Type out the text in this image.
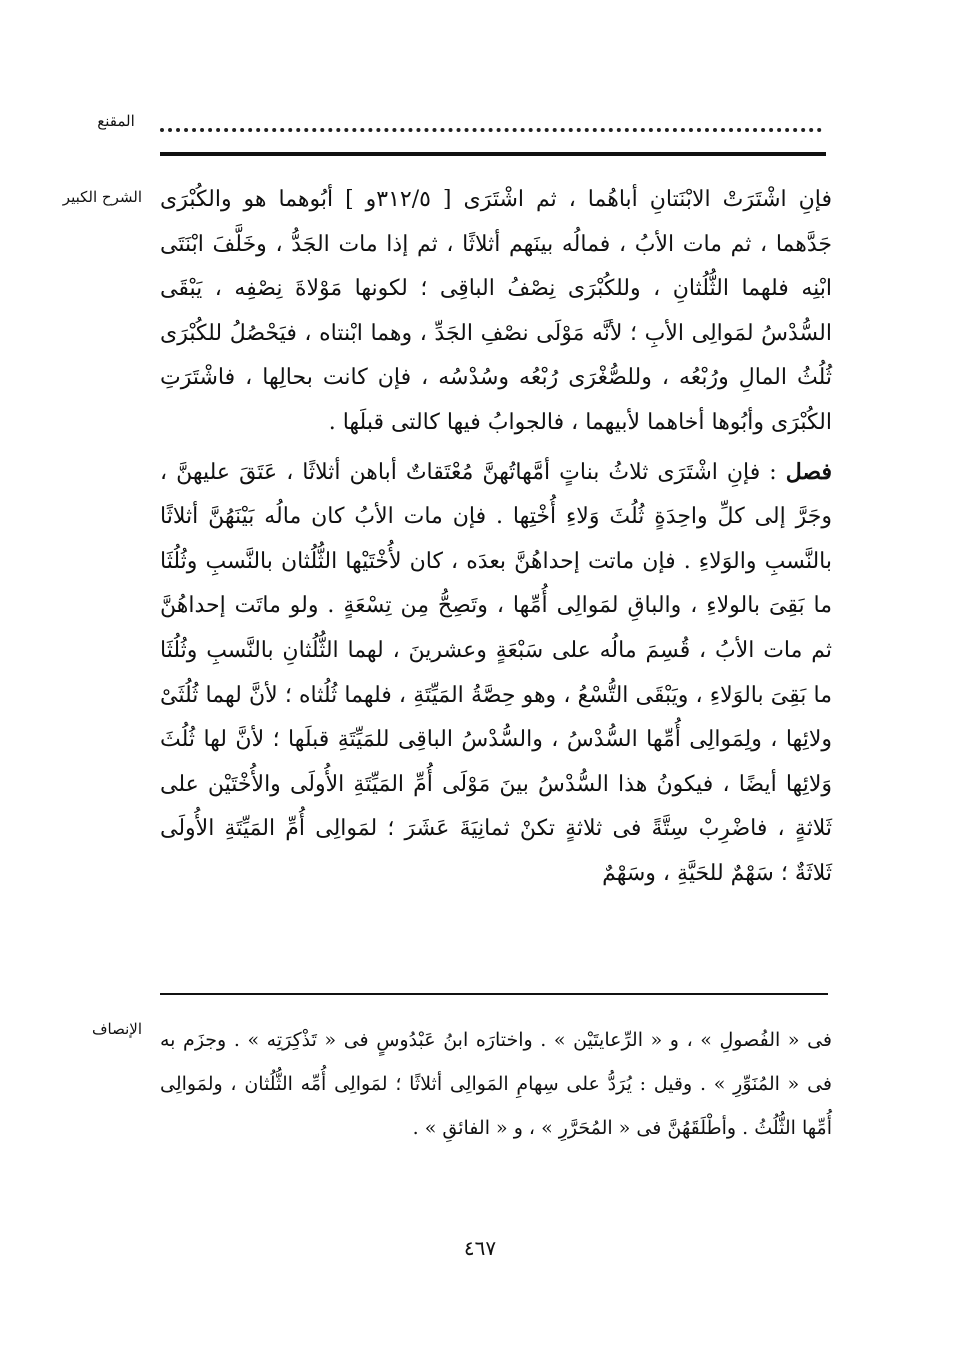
المقنع
الشرح الكبير فإنِ اشْتَرَتْ الابْنَتانِ أباهُما ، ثم اشْتَرَى [ ٣١٢/٥و ] أبُوهما هو والكُبْرَى جَدَّهما ، ثم مات الأبُ ، فمالُه بينَهم أثلاثًا ، ثم إذا مات الجَدُّ ، وخَلَّفَ ابْنَتَى ابْنِه فلهما الثُّلُثانِ ، وللكُبْرَى نِصْفُ الباقِى ؛ لكونها مَوْلاةَ نِصْفِه ، يَبْقَى السُّدْسُ لمَوالِى الأبِ ؛ لأنَّه مَوْلَى نصْفِ الجَدِّ ، وهما ابْنتاه ، فيَحْصُلُ للكُبْرَى ثُلُثُ المالِ ورُبْعُه ، وللصُّغْرَى رُبْعُه وسُدْسُه ، فإن كانت بحالِها ، فاشْتَرَتِ الكُبْرَى وأبُوها أخاهما لأبيهما ، فالجوابُ فيها كالتى قبلَها .

فصل : فإنِ اشْتَرَى ثلاثُ بناتٍ أمَّهاتُهنَّ مُعْتَقاتٌ أباهن أثلاثًا ، عَتَقَ عليهنَّ ، وجَرَّ إلى كلِّ واحِدَةٍ ثُلُثَ وَلاءِ أُخْتِها . فإن مات الأبُ كان مالُه بَيْنَهُنَّ أثلاثًا بالنَّسبِ والوَلاءِ . فإن ماتت إحداهُنَّ بعدَه ، كان لأُخْتَيْها الثُّلُثان بالنَّسبِ وثُلُثَا ما بَقِىَ بالولاءِ ، والباقِ لمَوالِى أُمِّها ، وتَصِحُّ مِن تِسْعَةٍ . ولو ماتَت إحداهُنَّ ثم مات الأبُ ، قُسِمَ مالُه على سَبْعَةٍ وعشرينَ ، لهما الثُّلُثانِ بالنَّسبِ وثُلُثَا ما بَقِىَ بالوَلاءِ ، ويَبْقَى التُّسْعُ ، وهو حِصَّةُ المَيِّتَةِ ، فلهما ثُلُثاه ؛ لأنَّ لهما ثُلُثَىْ ولائِها ، ولِمَوالِى أُمِّها السُّدْسُ ، والسُّدْسُ الباقِى للمَيِّتَةِ قبلَها ؛ لأنَّ لها ثُلُثَ وَلائِها أيضًا ، فيكونُ هذا السُّدْسُ بينَ مَوْلَى أُمِّ المَيِّتَةِ الأُولَى والأُخْتَيْن على ثَلاثةٍ ، فاضْرِبْ سِتَّةً فى ثلاثةٍ تكنْ ثمانِيَةَ عَشَرَ ؛ لمَوالِى أُمِّ المَيِّتَةِ الأُولَى ثَلاثَةٌ ؛ سَهْمٌ للحَيَّةِ ، وسَهْمٌ

الإنصاف فى « الفُصولِ » ، و « الرِّعايتَيْن » . واختارَه ابنُ عَبْدُوسٍ فى « تَذْكِرَتِه » . وجزَم به فى « المُنَوِّرِ » . وقيل : يُرَدُّ على سِهامِ المَوالِى أثلاثًا ؛ لمَوالِى أُمِّه الثُّلُثان ، ولمَوالِى أُمِّها الثُّلُثُ . وأطْلَقَهُنَّ فى « المُحَرَّرِ » ، و « الفائقِ » .
٤٦٧
